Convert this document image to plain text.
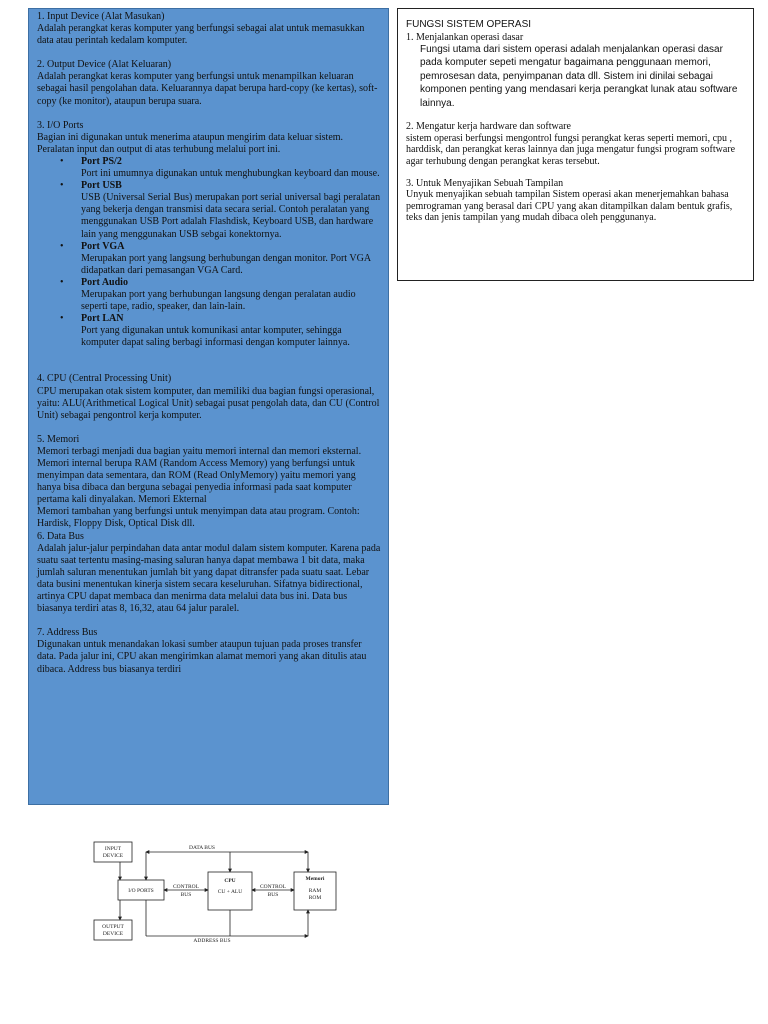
1. Input Device (Alat Masukan)
Adalah perangkat keras komputer yang berfungsi sebagai alat untuk memasukkan data atau perintah kedalam komputer.
2. Output Device (Alat Keluaran)
Adalah perangkat keras komputer yang berfungsi untuk menampilkan keluaran sebagai hasil pengolahan data. Keluarannya dapat berupa hard-copy (ke kertas), soft-copy (ke monitor), ataupun berupa suara.
3. I/O Ports
Bagian ini digunakan untuk menerima ataupun mengirim data keluar sistem. Peralatan input dan output di atas terhubung melalui port ini.
• Port PS/2
Port ini umumnya digunakan untuk menghubungkan keyboard dan mouse.
• Port USB
USB (Universal Serial Bus) merupakan port serial universal bagi peralatan yang bekerja dengan transmisi data secara serial. Contoh peralatan yang menggunakan USB Port adalah Flashdisk, Keyboard USB, dan hardware lain yang menggunakan USB sebgai konektornya.
• Port VGA
Merupakan port yang langsung berhubungan dengan monitor. Port VGA didapatkan dari pemasangan VGA Card.
• Port Audio
Merupakan port yang berhubungan langsung dengan peralatan audio seperti tape, radio, speaker, dan lain-lain.
• Port LAN
Port yang digunakan untuk komunikasi antar komputer, sehingga komputer dapat saling berbagi informasi dengan komputer lainnya.
4. CPU (Central Processing Unit)
CPU merupakan otak sistem komputer, dan memiliki dua bagian fungsi operasional, yaitu: ALU(Arithmetical Logical Unit) sebagai pusat pengolah data, dan CU (Control Unit) sebagai pengontrol kerja komputer.
5. Memori
Memori terbagi menjadi dua bagian yaitu memori internal dan memori eksternal. Memori internal berupa RAM (Random Access Memory) yang berfungsi untuk menyimpan data sementara, dan ROM (Read OnlyMemory) yaitu memori yang hanya bisa dibaca dan berguna sebagai penyedia informasi pada saat komputer pertama kali dinyalakan. Memori Ekternal
Memori tambahan yang berfungsi untuk menyimpan data atau program. Contoh: Hardisk, Floppy Disk, Optical Disk dll.
6. Data Bus
Adalah jalur-jalur perpindahan data antar modul dalam sistem komputer. Karena pada suatu saat tertentu masing-masing saluran hanya dapat membawa 1 bit data, maka jumlah saluran menentukan jumlah bit yang dapat ditransfer pada suatu saat. Lebar data busini menentukan kinerja sistem secara keseluruhan. Sifatnya bidirectional, artinya CPU dapat membaca dan menirma data melalui data bus ini. Data bus biasanya terdiri atas 8, 16,32, atau 64 jalur paralel.
7. Address Bus
Digunakan untuk menandakan lokasi sumber ataupun tujuan pada proses transfer data. Pada jalur ini, CPU akan mengirimkan alamat memori yang akan ditulis atau dibaca. Address bus biasanya terdiri
FUNGSI SISTEM OPERASI
1. Menjalankan operasi dasar
Fungsi utama dari sistem operasi adalah menjalankan operasi dasar pada komputer sepeti mengatur bagaimana penggunaan memori, pemrosesan data, penyimpanan data dll. Sistem ini dinilai sebagai komponen penting yang mendasari kerja perangkat lunak atau software lainnya.
2. Mengatur kerja hardware dan software
sistem operasi berfungsi mengontrol fungsi perangkat keras seperti memori, cpu , harddisk, dan perangkat keras lainnya dan juga mengatur fungsi program software agar terhubung dengan perangkat keras tersebut.
3. Untuk Menyajikan Sebuah Tampilan
Unyuk menyajikan sebuah tampilan Sistem operasi akan menerjemahkan bahasa pemrograman yang berasal dari CPU yang akan ditampilkan dalam bentuk grafis, teks dan jenis tampilan yang mudah dibaca oleh penggunanya.
INPUT
DEVICE
OUTPUT
DEVICE
I/O PORTS
CPU
CU + ALU
Memori
RAM
ROM
DATA BUS
ADDRESS BUS
CONTROL
BUS
CONTROL
BUS
